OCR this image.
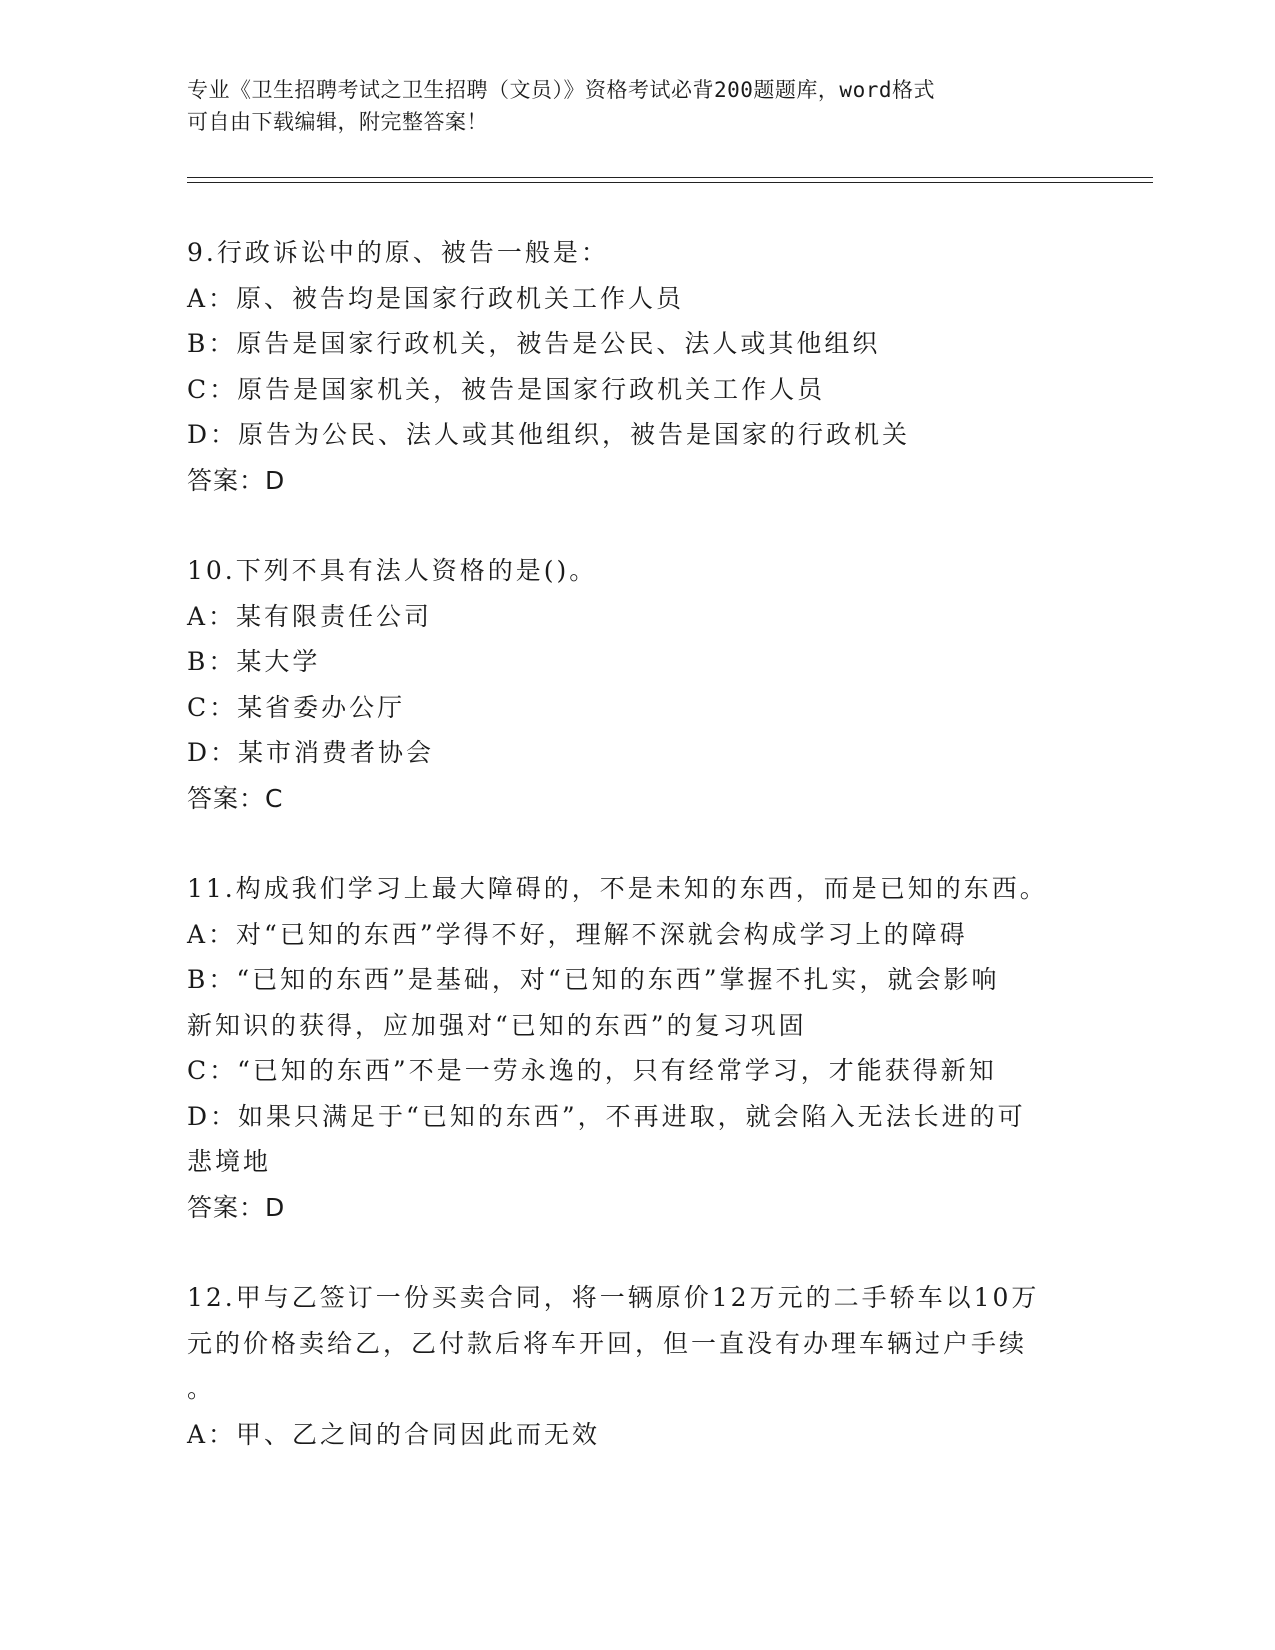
专业《卫生招聘考试之卫生招聘（文员）》资格考试必背200题题库，word格式

可自由下载编辑，附完整答案！

9.行政诉讼中的原、被告一般是：

A：原、被告均是国家行政机关工作人员

B：原告是国家行政机关，被告是公民、法人或其他组织

C：原告是国家机关，被告是国家行政机关工作人员

D：原告为公民、法人或其他组织，被告是国家的行政机关

答案：D

10.下列不具有法人资格的是()。

A：某有限责任公司

B：某大学

C：某省委办公厅

D：某市消费者协会

答案：C

11.构成我们学习上最大障碍的，不是未知的东西，而是已知的东西。

A：对“已知的东西”学得不好，理解不深就会构成学习上的障碍

B：“已知的东西”是基础，对“已知的东西”掌握不扎实，就会影响

新知识的获得，应加强对“已知的东西”的复习巩固

C：“已知的东西”不是一劳永逸的，只有经常学习，才能获得新知

D：如果只满足于“已知的东西”，不再进取，就会陷入无法长进的可

悲境地

答案：D

12.甲与乙签订一份买卖合同，将一辆原价12万元的二手轿车以10万

元的价格卖给乙，乙付款后将车开回，但一直没有办理车辆过户手续

。

A：甲、乙之间的合同因此而无效
